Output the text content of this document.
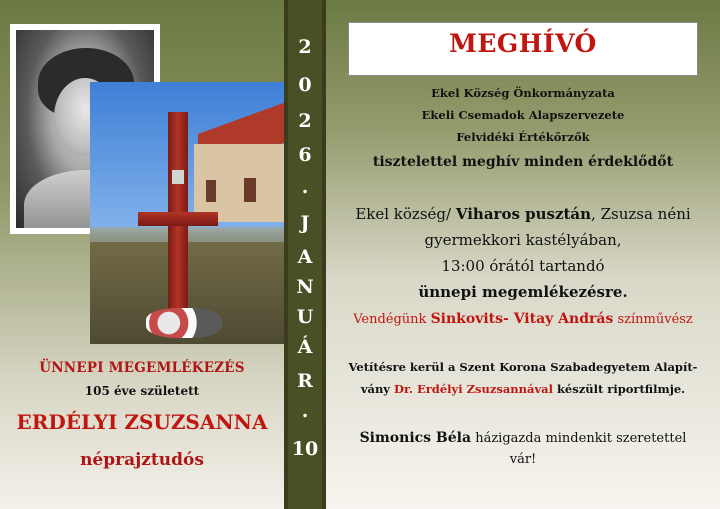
ÜNNEPI MEGEMLÉKEZÉS
105 éve született
ERDÉLYI ZSUZSANNA
néprajztudós
2
0
2
6
.
J
A
N
U
Á
R
.
10
MEGHÍVÓ
Ekel Község Önkormányzata
Ekeli Csemadok Alapszervezete
Felvidéki Értékőrzők
tisztelettel meghív minden érdeklődőt
Ekel község/ Viharos pusztán, Zsuzsa néni
gyermekkori kastélyában,
13:00 órától tartandó
ünnepi megemlékezésre.
Vendégünk Sinkovits- Vitay András színművész
Vetítésre kerül a Szent Korona Szabadegyetem Alapít-
vány Dr. Erdélyi Zsuzsannával készült riportfilmje.
Simonics Béla házigazda mindenkit szeretettel
vár!
